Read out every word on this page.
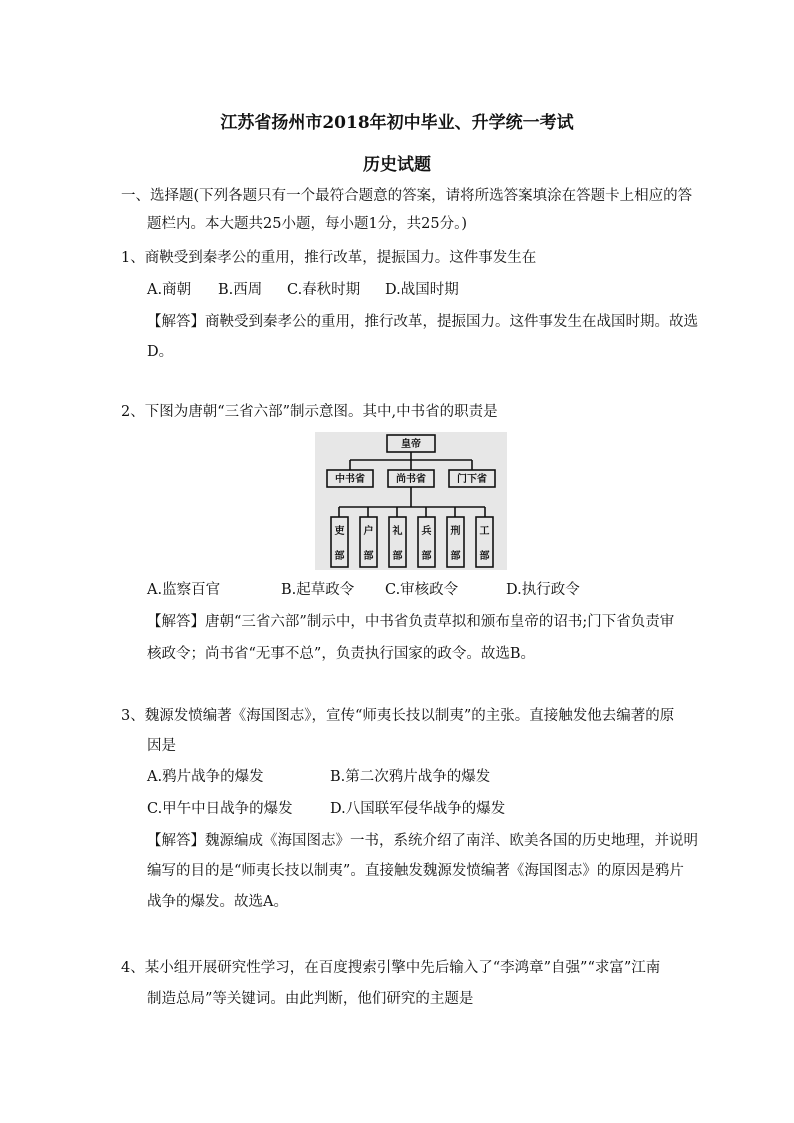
江苏省扬州市2018年初中毕业、升学统一考试
历史试题
一、选择题(下列各题只有一个最符合题意的答案，请将所选答案填涂在答题卡上相应的答
题栏内。本大题共25小题，每小题1分，共25分。)
1、商鞅受到秦孝公的重用，推行改革，提振国力。这件事发生在
A.商朝 B.西周 C.春秋时期 D.战国时期
【解答】商鞅受到秦孝公的重用，推行改革，提振国力。这件事发生在战国时期。故选
D。
2、下图为唐朝“三省六部”制示意图。其中,中书省的职责是
皇帝
中书省	尚书省	门下省
吏
部
户
部
礼
部
兵
部
刑
部
工
部
A.监察百官	B.起草政令 C.审核政令	D.执行政令
【解答】唐朝“三省六部”制示中，中书省负责草拟和颁布皇帝的诏书;门下省负责审
核政令；尚书省“无事不总”，负责执行国家的政令。故选B。
3、魏源发愤编著《海国图志》，宣传“师夷长技以制夷”的主张。直接触发他去编著的原
因是
A.鸦片战争的爆发	B.第二次鸦片战争的爆发
C.甲午中日战争的爆发	D.八国联军侵华战争的爆发
【解答】魏源编成《海国图志》一书，系统介绍了南洋、欧美各国的历史地理，并说明
编写的目的是“师夷长技以制夷”。直接触发魏源发愤编著《海国图志》的原因是鸦片
战争的爆发。故选A。
4、某小组开展研究性学习，在百度搜索引擎中先后输入了“李鸿章”自强”“求富”江南
制造总局”等关键词。由此判断，他们研究的主题是
